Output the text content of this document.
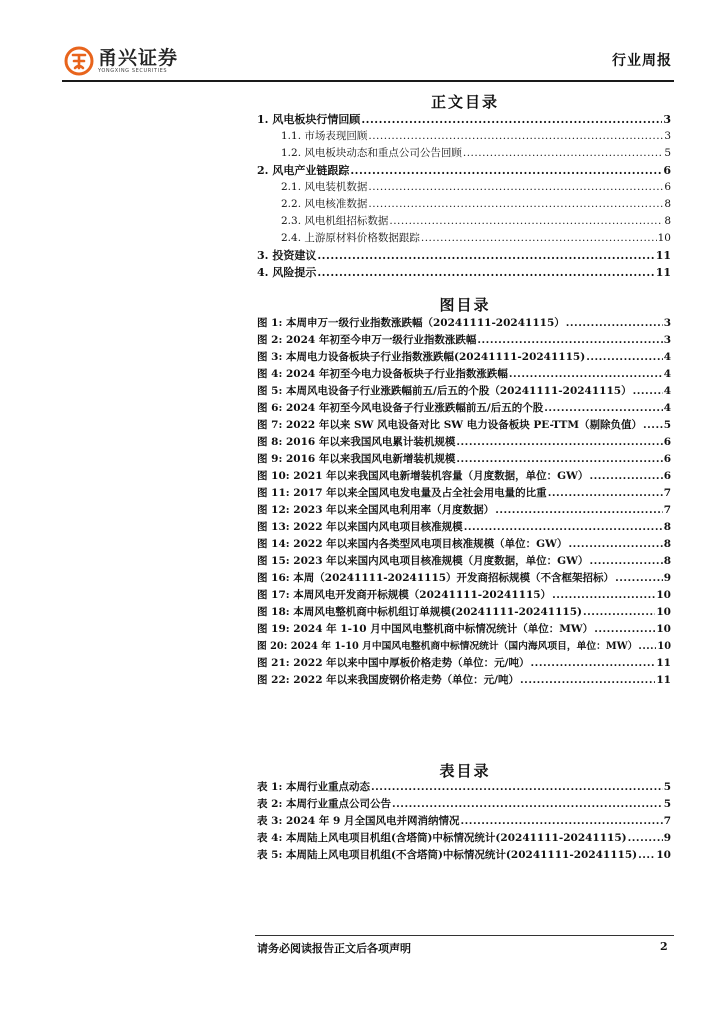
甬兴证券
YONGXING SECURITIES
行业周报
正文目录
1. 风电板块行情回顾 .....	3
1.1. 市场表现回顾 .....	3
1.2. 风电板块动态和重点公司公告回顾 .....	5
2. 风电产业链跟踪 .....	6
2.1. 风电装机数据 .....	6
2.2. 风电核准数据 .....	8
2.3. 风电机组招标数据 .....	8
2.4. 上游原材料价格数据跟踪 .....	10
3. 投资建议 .....	11
4. 风险提示 .....	11
图目录
图 1: 本周申万一级行业指数涨跌幅（20241111-20241115） .....	3
图 2: 2024 年初至今申万一级行业指数涨跌幅 .....	3
图 3: 本周电力设备板块子行业指数涨跌幅(20241111-20241115) .....	4
图 4: 2024 年初至今电力设备板块子行业指数涨跌幅 .....	4
图 5: 本周风电设备子行业涨跌幅前五/后五的个股（20241111-20241115） .....	4
图 6: 2024 年初至今风电设备子行业涨跌幅前五/后五的个股 .....	4
图 7: 2022 年以来 SW 风电设备对比 SW 电力设备板块 PE-TTM（剔除负值） ..... 5
图 8: 2016 年以来我国风电累计装机规模 .....	6
图 9: 2016 年以来我国风电新增装机规模 .....	6
图 10: 2021 年以来我国风电新增装机容量（月度数据，单位：GW） .....	6
图 11: 2017 年以来全国风电发电量及占全社会用电量的比重 .....	7
图 12: 2023 年以来全国风电利用率（月度数据） .....	7
图 13: 2022 年以来国内风电项目核准规模 .....	8
图 14: 2022 年以来国内各类型风电项目核准规模（单位：GW） .....	8
图 15: 2023 年以来国内风电项目核准规模（月度数据，单位：GW） .....	8
图 16: 本周（20241111-20241115）开发商招标规模（不含框架招标） .....	9
图 17: 本周风电开发商开标规模（20241111-20241115） .....	10
图 18: 本周风电整机商中标机组订单规模(20241111-20241115) .....	10
图 19: 2024 年 1-10 月中国风电整机商中标情况统计（单位：MW） .....	10
图 20: 2024 年 1-10 月中国风电整机商中标情况统计（国内海风项目，单位：MW） ..... 10
图 21: 2022 年以来中国中厚板价格走势（单位：元/吨） .....	11
图 22: 2022 年以来我国废钢价格走势（单位：元/吨） .....	11
表目录
表 1: 本周行业重点动态 .....	5
表 2: 本周行业重点公司公告 .....	5
表 3: 2024 年 9 月全国风电并网消纳情况 .....	7
表 4: 本周陆上风电项目机组(含塔筒)中标情况统计(20241111-20241115) .....	9
表 5: 本周陆上风电项目机组(不含塔筒)中标情况统计(20241111-20241115) ..... 10
请务必阅读报告正文后各项声明	2
